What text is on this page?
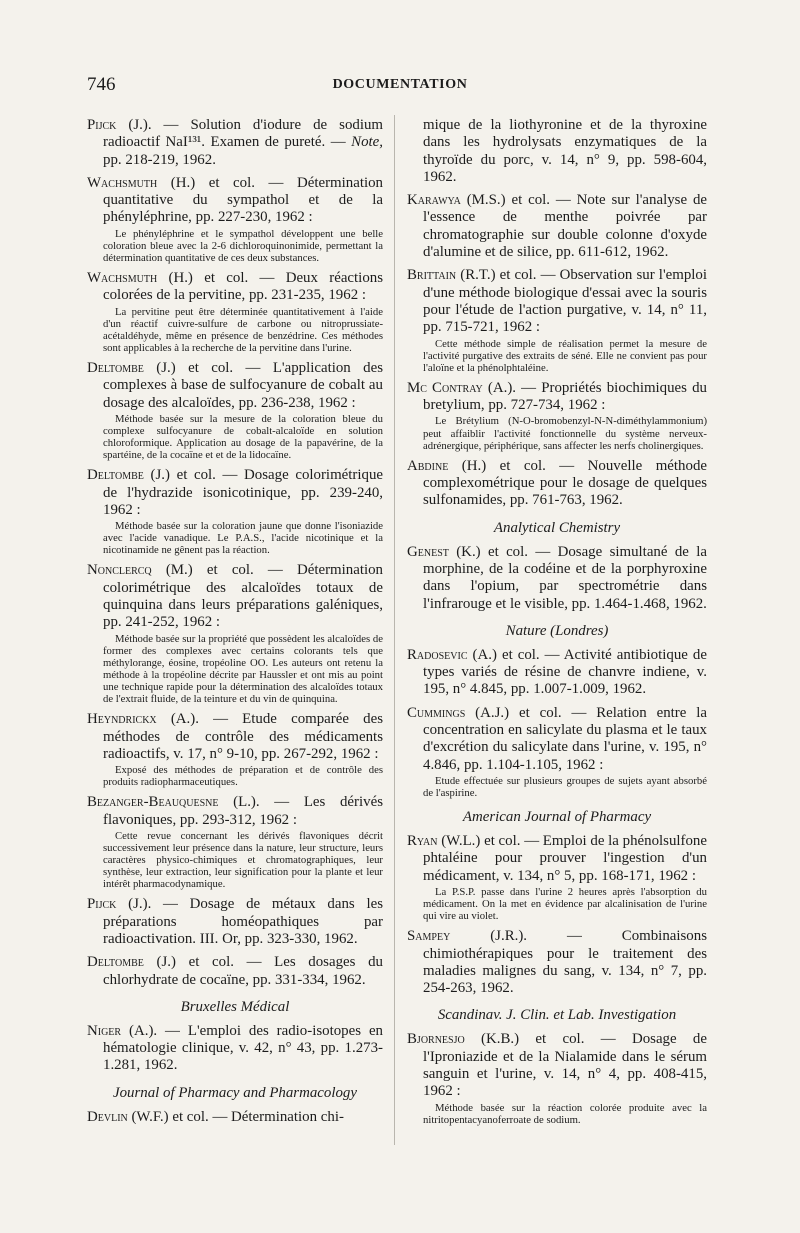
746	DOCUMENTATION
Pijck (J.). — Solution d'iodure de sodium radioactif NaI¹³¹. Examen de pureté. — Note, pp. 218-219, 1962.
Wachsmuth (H.) et col. — Détermination quantitative du sympathol et de la phényléphrine, pp. 227-230, 1962 :
Le phényléphrine et le sympathol développent une belle coloration bleue avec la 2-6 dichloroquinonimide, permettant la détermination quantitative de ces deux substances.
Wachsmuth (H.) et col. — Deux réactions colorées de la pervitine, pp. 231-235, 1962 :
La pervitine peut être déterminée quantitativement à l'aide d'un réactif cuivre-sulfure de carbone ou nitroprussiate-acétaldéhyde, même en présence de benzédrine. Ces méthodes sont applicables à la recherche de la pervitine dans l'urine.
Deltombe (J.) et col. — L'application des complexes à base de sulfocyanure de cobalt au dosage des alcaloïdes, pp. 236-238, 1962 :
Méthode basée sur la mesure de la coloration bleue du complexe sulfocyanure de cobalt-alcaloïde en solution chloroformique. Application au dosage de la papavérine, de la spartéine, de la cocaïne et et de la lidocaïne.
Deltombe (J.) et col. — Dosage colorimétrique de l'hydrazide isonicotinique, pp. 239-240, 1962 :
Méthode basée sur la coloration jaune que donne l'isoniazide avec l'acide vanadique. Le P.A.S., l'acide nicotinique et la nicotinamide ne gênent pas la réaction.
Nonclercq (M.) et col. — Détermination colorimétrique des alcaloïdes totaux de quinquina dans leurs préparations galéniques, pp. 241-252, 1962 :
Méthode basée sur la propriété que possèdent les alcaloïdes de former des complexes avec certains colorants tels que méthylorange, éosine, tropéoline OO. Les auteurs ont retenu la méthode à la tropéoline décrite par Haussler et ont mis au point une technique rapide pour la détermination des alcaloïdes totaux de l'extrait fluide, de la teinture et du vin de quinquina.
Heyndrickx (A.). — Etude comparée des méthodes de contrôle des médicaments radioactifs, v. 17, n° 9-10, pp. 267-292, 1962 :
Exposé des méthodes de préparation et de contrôle des produits radiopharmaceutiques.
Bezanger-Beauquesne (L.). — Les dérivés flavoniques, pp. 293-312, 1962 :
Cette revue concernant les dérivés flavoniques décrit successivement leur présence dans la nature, leur structure, leurs caractères physico-chimiques et chromatographiques, leur synthèse, leur extraction, leur signification pour la plante et leur intérêt pharmacodynamique.
Pijck (J.). — Dosage de métaux dans les préparations homéopathiques par radioactivation. III. Or, pp. 323-330, 1962.
Deltombe (J.) et col. — Les dosages du chlorhydrate de cocaïne, pp. 331-334, 1962.
Bruxelles Médical
Niger (A.). — L'emploi des radio-isotopes en hématologie clinique, v. 42, n° 43, pp. 1.273-1.281, 1962.
Journal of Pharmacy and Pharmacology
Devlin (W.F.) et col. — Détermination chi-
mique de la liothyronine et de la thyroxine dans les hydrolysats enzymatiques de la thyroïde du porc, v. 14, n° 9, pp. 598-604, 1962.
Karawya (M.S.) et col. — Note sur l'analyse de l'essence de menthe poivrée par chromatographie sur double colonne d'oxyde d'alumine et de silice, pp. 611-612, 1962.
Brittain (R.T.) et col. — Observation sur l'emploi d'une méthode biologique d'essai avec la souris pour l'étude de l'action purgative, v. 14, n° 11, pp. 715-721, 1962 :
Cette méthode simple de réalisation permet la mesure de l'activité purgative des extraits de séné. Elle ne convient pas pour l'aloïne et la phénolphtaléine.
Mc Contray (A.). — Propriétés biochimiques du bretylium, pp. 727-734, 1962 :
Le Brétylium (N-O-bromobenzyl-N-N-diméthylammonium) peut affaiblir l'activité fonctionnelle du système nerveux-adrénergique, périphérique, sans affecter les nerfs cholinergiques.
Abdine (H.) et col. — Nouvelle méthode complexométrique pour le dosage de quelques sulfonamides, pp. 761-763, 1962.
Analytical Chemistry
Genest (K.) et col. — Dosage simultané de la morphine, de la codéine et de la porphyroxine dans l'opium, par spectrométrie dans l'infrarouge et le visible, pp. 1.464-1.468, 1962.
Nature (Londres)
Radosevic (A.) et col. — Activité antibiotique de types variés de résine de chanvre indiene, v. 195, n° 4.845, pp. 1.007-1.009, 1962.
Cummings (A.J.) et col. — Relation entre la concentration en salicylate du plasma et le taux d'excrétion du salicylate dans l'urine, v. 195, n° 4.846, pp. 1.104-1.105, 1962 :
Etude effectuée sur plusieurs groupes de sujets ayant absorbé de l'aspirine.
American Journal of Pharmacy
Ryan (W.L.) et col. — Emploi de la phénolsulfone phtaléine pour prouver l'ingestion d'un médicament, v. 134, n° 5, pp. 168-171, 1962 :
La P.S.P. passe dans l'urine 2 heures après l'absorption du médicament. On la met en évidence par alcalinisation de l'urine qui vire au violet.
Sampey (J.R.). — Combinaisons chimiothérapiques pour le traitement des maladies malignes du sang, v. 134, n° 7, pp. 254-263, 1962.
Scandinav. J. Clin. et Lab. Investigation
Bjornesjo (K.B.) et col. — Dosage de l'Iproniazide et de la Nialamide dans le sérum sanguin et l'urine, v. 14, n° 4, pp. 408-415, 1962 :
Méthode basée sur la réaction colorée produite avec la nitritopentacyanoferroate de sodium.
